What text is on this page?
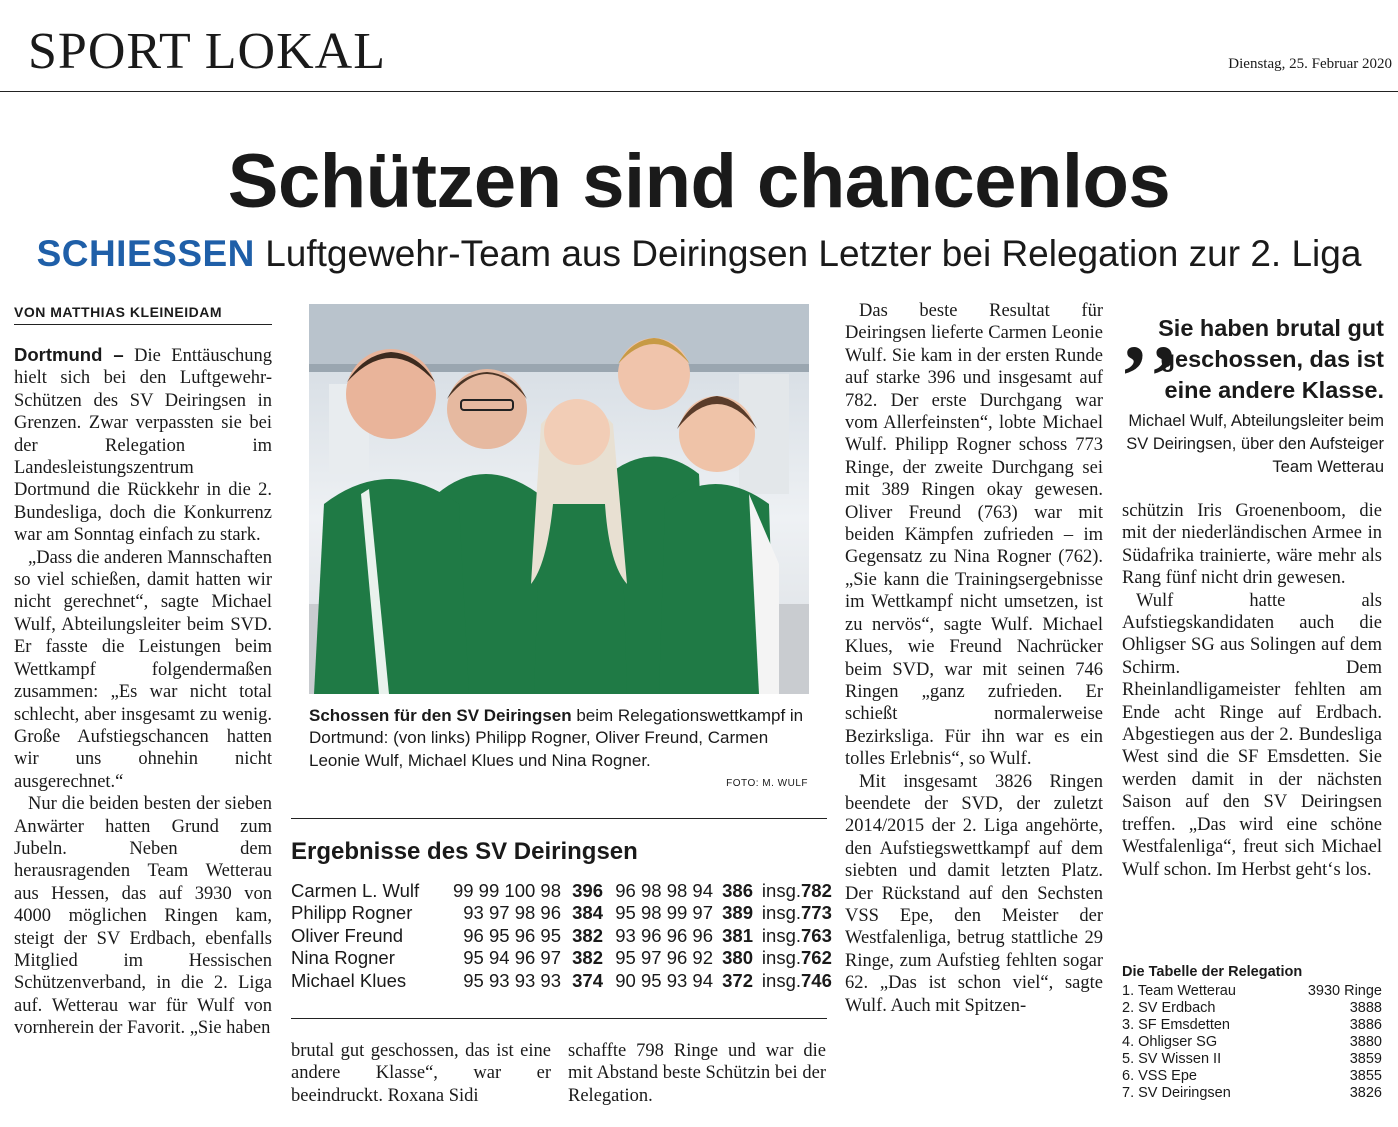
SPORT LOKAL	Dienstag, 25. Februar 2020
Schützen sind chancenlos
SCHIESSEN Luftgewehr-Team aus Deiringsen Letzter bei Relegation zur 2. Liga
VON MATTHIAS KLEINEIDAM

Dortmund – Die Enttäuschung hielt sich bei den Luftgewehr-Schützen des SV Deiringsen in Grenzen. Zwar verpassten sie bei der Relegation im Landesleistungszentrum Dortmund die Rückkehr in die 2. Bundesliga, doch die Konkurrenz war am Sonntag einfach zu stark.

„Dass die anderen Mannschaften so viel schießen, damit hatten wir nicht gerechnet“, sagte Michael Wulf, Abteilungsleiter beim SVD. Er fasste die Leistungen beim Wettkampf folgendermaßen zusammen: „Es war nicht total schlecht, aber insgesamt zu wenig. Große Aufstiegschancen hatten wir uns ohnehin nicht ausgerechnet.“

Nur die beiden besten der sieben Anwärter hatten Grund zum Jubeln. Neben dem herausragenden Team Wetterau aus Hessen, das auf 3930 von 4000 möglichen Ringen kam, steigt der SV Erdbach, ebenfalls Mitglied im Hessischen Schützenverband, in die 2. Liga auf. Wetterau war für Wulf von vornherein der Favorit. „Sie haben

Schossen für den SV Deiringsen beim Relegationswettkampf in Dortmund: (von links) Philipp Rogner, Oliver Freund, Carmen Leonie Wulf, Michael Klues und Nina Rogner.
FOTO: M. WULF
Ergebnisse des SV Deiringsen
Carmen L. Wulf	99 99 100 98 396 96 98 98 94 386 insg. 782
Philipp Rogner	93 97 98 96 384 95 98 99 97 389 insg. 773
Oliver Freund	96 95 96 95 382 93 96 96 96 381 insg. 763
Nina Rogner	95 94 96 97 382 95 97 96 92 380 insg. 762
Michael Klues	95 93 93 93 374 90 95 93 94 372 insg. 746

brutal gut geschossen, das ist eine andere Klasse“, war er beeindruckt. Roxana Sidi

schaffte 798 Ringe und war die mit Abstand beste Schützin bei der Relegation.

Das beste Resultat für Deiringsen lieferte Carmen Leonie Wulf. Sie kam in der ersten Runde auf starke 396 und insgesamt auf 782. Der erste Durchgang war vom Allerfeinsten“, lobte Michael Wulf. Philipp Rogner schoss 773 Ringe, der zweite Durchgang sei mit 389 Ringen okay gewesen. Oliver Freund (763) war mit beiden Kämpfen zufrieden – im Gegensatz zu Nina Rogner (762). „Sie kann die Trainingsergebnisse im Wettkampf nicht umsetzen, ist zu nervös“, sagte Wulf. Michael Klues, wie Freund Nachrücker beim SVD, war mit seinen 746 Ringen „ganz zufrieden. Er schießt normalerweise Bezirksliga. Für ihn war es ein tolles Erlebnis“, so Wulf.

Mit insgesamt 3826 Ringen beendete der SVD, der zuletzt 2014/2015 der 2. Liga angehörte, den Aufstiegswettkampf auf dem siebten und damit letzten Platz. Der Rückstand auf den Sechsten VSS Epe, den Meister der Westfalenliga, betrug stattliche 29 Ringe, zum Aufstieg fehlten sogar 62. „Das ist schon viel“, sagte Wulf. Auch mit Spitzen-

‚‚
Sie haben brutal gut geschossen, das ist eine andere Klasse.
Michael Wulf, Abteilungsleiter beim SV Deiringsen, über den Aufsteiger Team Wetterau

schützin Iris Groenenboom, die mit der niederländischen Armee in Südafrika trainierte, wäre mehr als Rang fünf nicht drin gewesen.

Wulf hatte als Aufstiegskandidaten auch die Ohligser SG aus Solingen auf dem Schirm. Dem Rheinlandligameister fehlten am Ende acht Ringe auf Erdbach. Abgestiegen aus der 2. Bundesliga West sind die SF Emsdetten. Sie werden damit in der nächsten Saison auf den SV Deiringsen treffen. „Das wird eine schöne Westfalenliga“, freut sich Michael Wulf schon. Im Herbst geht‘s los.

Die Tabelle der Relegation
1. Team Wetterau	3930 Ringe
2. SV Erdbach	3888
3. SF Emsdetten	3886
4. Ohligser SG	3880
5. SV Wissen II	3859
6. VSS Epe	3855
7. SV Deiringsen	3826
